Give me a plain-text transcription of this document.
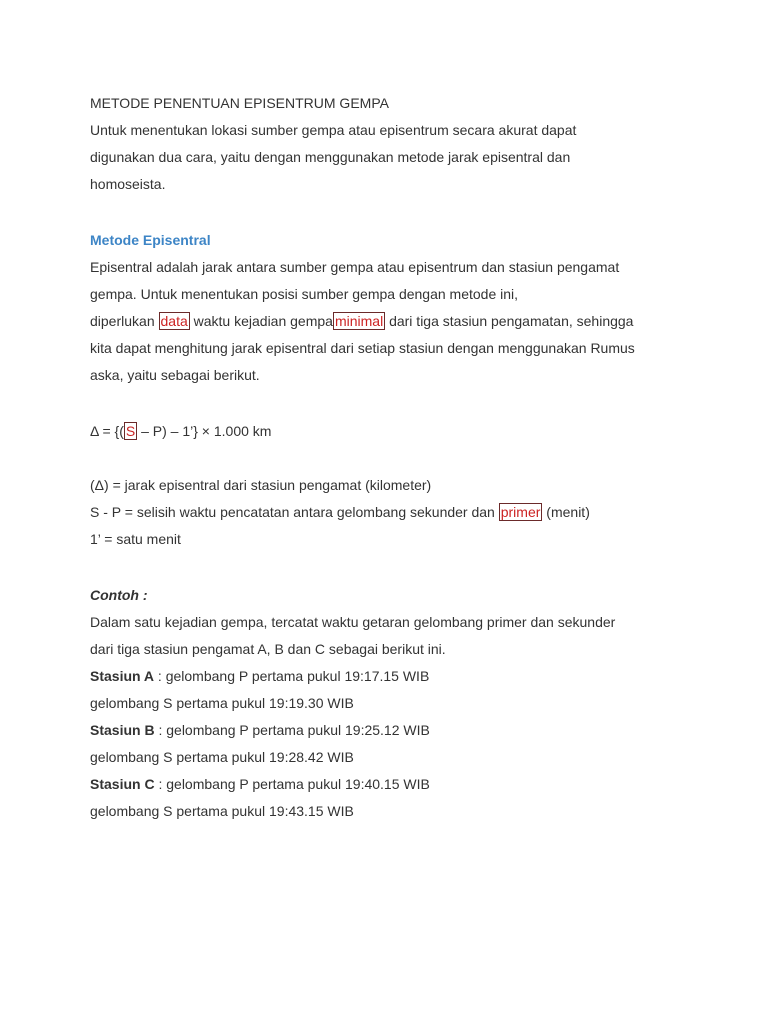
METODE PENENTUAN EPISENTRUM GEMPA
Untuk menentukan lokasi sumber gempa atau episentrum secara akurat dapat
digunakan dua cara, yaitu dengan menggunakan metode jarak episentral dan
homoseista.
Metode Episentral
Episentral adalah jarak antara sumber gempa atau episentrum dan stasiun pengamat
gempa. Untuk menentukan posisi sumber gempa dengan metode ini,
diperlukan data waktu kejadian gempa minimal dari tiga stasiun pengamatan, sehingga
kita dapat menghitung jarak episentral dari setiap stasiun dengan menggunakan Rumus
aska, yaitu sebagai berikut.
Δ = {( S – P) – 1’} × 1.000 km
(Δ) = jarak episentral dari stasiun pengamat (kilometer)
S - P = selisih waktu pencatatan antara gelombang sekunder dan primer (menit)
1’ = satu menit
Contoh :
Dalam satu kejadian gempa, tercatat waktu getaran gelombang primer dan sekunder
dari tiga stasiun pengamat A, B dan C sebagai berikut ini.
Stasiun A : gelombang P pertama pukul 19:17.15 WIB
gelombang S pertama pukul 19:19.30 WIB
Stasiun B : gelombang P pertama pukul 19:25.12 WIB
gelombang S pertama pukul 19:28.42 WIB
Stasiun C : gelombang P pertama pukul 19:40.15 WIB
gelombang S pertama pukul 19:43.15 WIB
